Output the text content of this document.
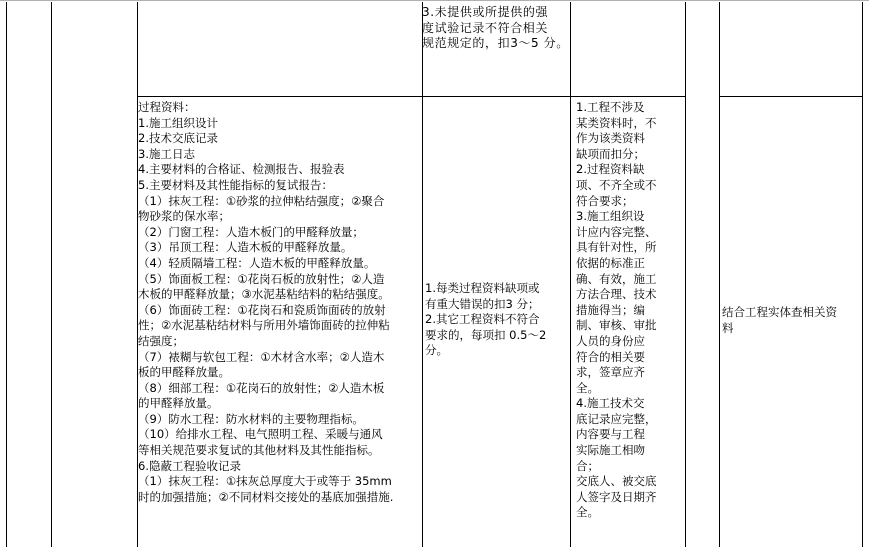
3.未提供或所提供的强
度试验记录不符合相关
规范规定的，扣3～5 分。
过程资料：
1.施工组织设计
2.技术交底记录
3.施工日志
4.主要材料的合格证、检测报告、报验表
5.主要材料及其性能指标的复试报告：
（1）抹灰工程：①砂浆的拉伸粘结强度；②聚合
物砂浆的保水率；
（2）门窗工程：人造木板门的甲醛释放量；
（3）吊顶工程：人造木板的甲醛释放量。
（4）轻质隔墙工程：人造木板的甲醛释放量。
（5）饰面板工程：①花岗石板的放射性；②人造
木板的甲醛释放量；③水泥基粘结料的粘结强度。
（6）饰面砖工程：①花岗石和瓷质饰面砖的放射
性；②水泥基粘结材料与所用外墙饰面砖的拉伸粘
结强度；
（7）裱糊与软包工程：①木材含水率；②人造木
板的甲醛释放量。
（8）细部工程：①花岗石的放射性；②人造木板
的甲醛释放量。
（9）防水工程：防水材料的主要物理指标。
（10）给排水工程、电气照明工程、采暖与通风
等相关规范要求复试的其他材料及其性能指标。
6.隐蔽工程验收记录
（1）抹灰工程：①抹灰总厚度大于或等于 35mm
时的加强措施；②不同材料交接处的基底加强措施.
1.每类过程资料缺项或
有重大错误的扣3 分；
2.其它工程资料不符合
要求的，每项扣 0.5～2
分。
1.工程不涉及
某类资料时，不
作为该类资料
缺项而扣分；
2.过程资料缺
项、不齐全或不
符合要求；
3.施工组织设
计应内容完整、
具有针对性，所
依据的标准正
确、有效，施工
方法合理、技术
措施得当；编
制、审核、审批
人员的身份应
符合的相关要
求，签章应齐
全。
4.施工技术交
底记录应完整，
内容要与工程
实际施工相吻
合；
交底人、被交底
人签字及日期齐
全。
结合工程实体查相关资
料
